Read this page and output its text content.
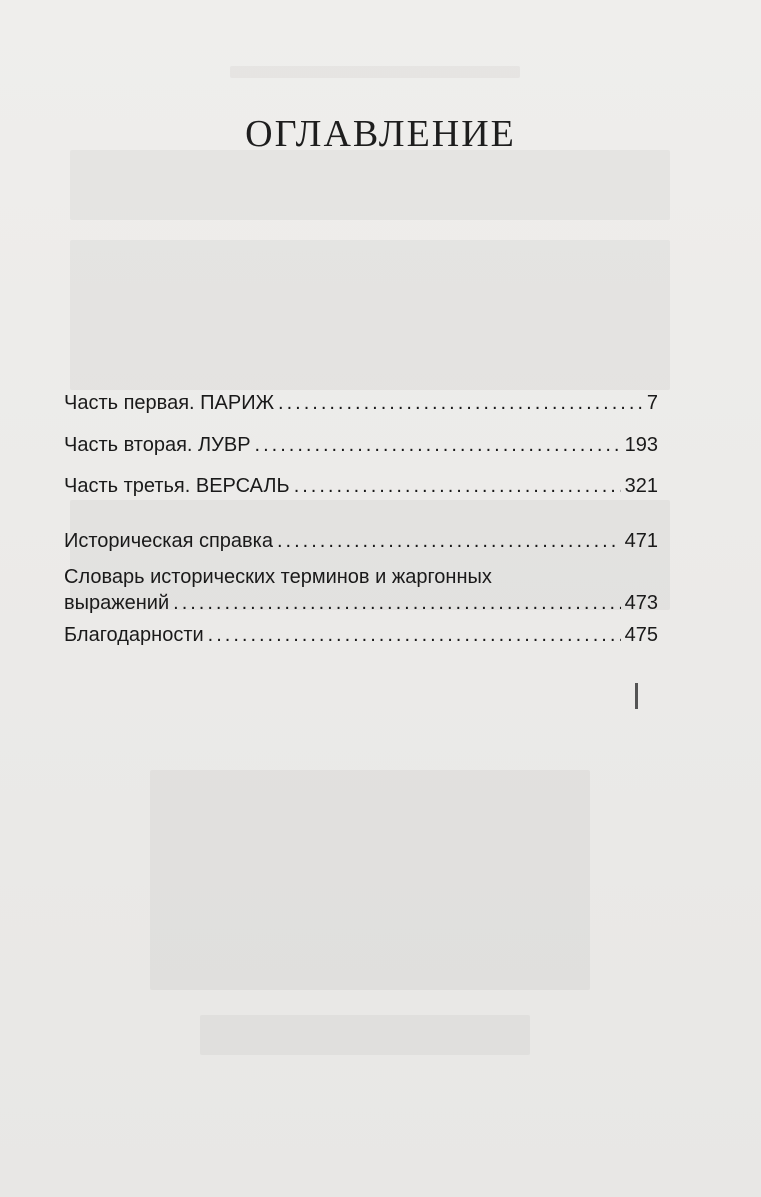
ОГЛАВЛЕНИЕ
Часть первая. ПАРИЖ .....	7
Часть вторая. ЛУВР .....	193
Часть третья. ВЕРСАЛЬ .....	321
Историческая справка .....	471
Словарь исторических терминов и жаргонных
выражений .....	473
Благодарности .....	475
